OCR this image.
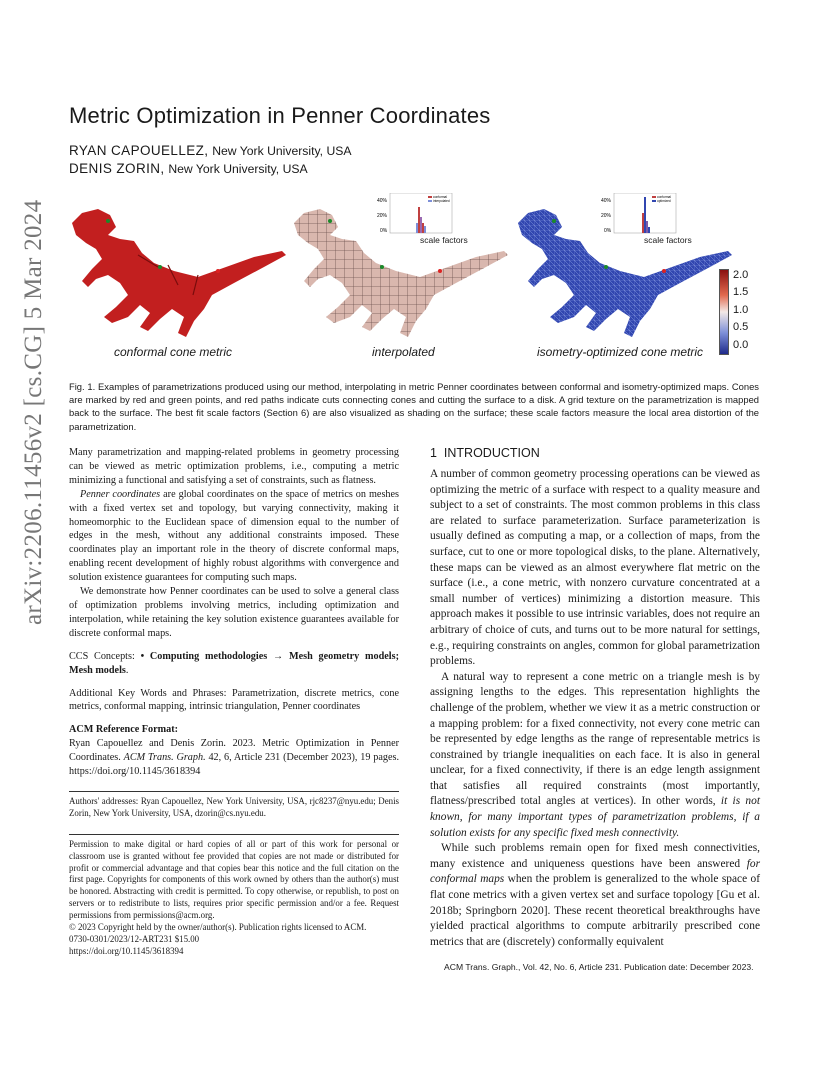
arXiv:2206.11456v2 [cs.CG] 5 Mar 2024
Metric Optimization in Penner Coordinates
RYAN CAPOUELLEZ, New York University, USA
DENIS ZORIN, New York University, USA
40%
20%
0%
conformal
interpolated
scale factors
40%
20%
0%
conformal
optimized
scale factors
2.0
1.5
1.0
0.5
0.0
conformal cone metric	interpolated	isometry-optimized cone metric
Fig. 1. Examples of parametrizations produced using our method, interpolating in metric Penner coordinates between conformal and isometry-optimized maps. Cones are marked by red and green points, and red paths indicate cuts connecting cones and cutting the surface to a disk. A grid texture on the parametrization is mapped back to the surface. The best fit scale factors (Section 6) are also visualized as shading on the surface; these scale factors measure the local area distortion of the parametrization.

Many parametrization and mapping-related problems in geometry processing can be viewed as metric optimization problems, i.e., computing a metric minimizing a functional and satisfying a set of constraints, such as flatness.

Penner coordinates are global coordinates on the space of metrics on meshes with a fixed vertex set and topology, but varying connectivity, making it homeomorphic to the Euclidean space of dimension equal to the number of edges in the mesh, without any additional constraints imposed. These coordinates play an important role in the theory of discrete conformal maps, enabling recent development of highly robust algorithms with convergence and solution existence guarantees for computing such maps.

We demonstrate how Penner coordinates can be used to solve a general class of optimization problems involving metrics, including optimization and interpolation, while retaining the key solution existence guarantees available for discrete conformal maps.

CCS Concepts: • Computing methodologies → Mesh geometry models; Mesh models.
Additional Key Words and Phrases: Parametrization, discrete metrics, cone metrics, conformal mapping, intrinsic triangulation, Penner coordinates
ACM Reference Format:
Ryan Capouellez and Denis Zorin. 2023. Metric Optimization in Penner Coordinates. ACM Trans. Graph. 42, 6, Article 231 (December 2023), 19 pages. https://doi.org/10.1145/3618394
Authors' addresses: Ryan Capouellez, New York University, USA, rjc8237@nyu.edu; Denis Zorin, New York University, USA, dzorin@cs.nyu.edu.
Permission to make digital or hard copies of all or part of this work for personal or classroom use is granted without fee provided that copies are not made or distributed for profit or commercial advantage and that copies bear this notice and the full citation on the first page. Copyrights for components of this work owned by others than the author(s) must be honored. Abstracting with credit is permitted. To copy otherwise, or republish, to post on servers or to redistribute to lists, requires prior specific permission and/or a fee. Request permissions from permissions@acm.org.
© 2023 Copyright held by the owner/author(s). Publication rights licensed to ACM.
0730-0301/2023/12-ART231 $15.00
https://doi.org/10.1145/3618394
1 INTRODUCTION

A number of common geometry processing operations can be viewed as optimizing the metric of a surface with respect to a quality measure and subject to a set of constraints. The most common problems in this class are related to surface parameterization. Surface parameterization is usually defined as computing a map, or a collection of maps, from the surface, cut to one or more topological disks, to the plane. Alternatively, these maps can be viewed as an almost everywhere flat metric on the surface (i.e., a cone metric, with nonzero curvature concentrated at a small number of vertices) minimizing a distortion measure. This approach makes it possible to use intrinsic variables, does not require an arbitrary of choice of cuts, and turns out to be more natural for settings, e.g., requiring constraints on angles, common for global parametrization problems.

A natural way to represent a cone metric on a triangle mesh is by assigning lengths to the edges. This representation highlights the challenge of the problem, whether we view it as a metric construction or a mapping problem: for a fixed connectivity, not every cone metric can be represented by edge lengths as the range of representable metrics is constrained by triangle inequalities on each face. It is also in general unclear, for a fixed connectivity, if there is an edge length assignment that satisfies all required constraints (most importantly, flatness/prescribed total angles at vertices). In other words, it is not known, for many important types of parametrization problems, if a solution exists for any specific fixed mesh connectivity.

While such problems remain open for fixed mesh connectivities, many existence and uniqueness questions have been answered for conformal maps when the problem is generalized to the whole space of flat cone metrics with a given vertex set and surface topology [Gu et al. 2018b; Springborn 2020]. These recent theoretical breakthroughs have yielded practical algorithms to compute arbitrarily prescribed cone metrics that are (discretely) conformally equivalent

ACM Trans. Graph., Vol. 42, No. 6, Article 231. Publication date: December 2023.
